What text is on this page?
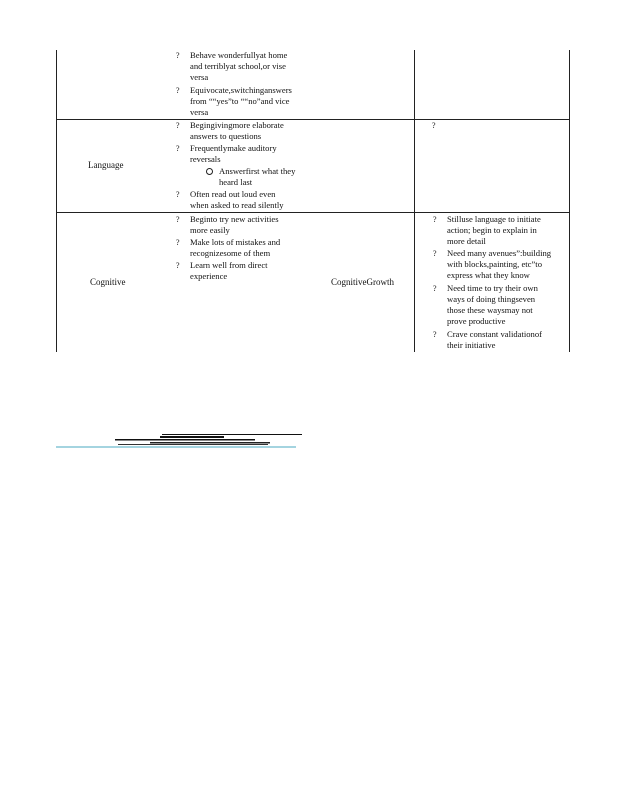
? Behave wonderfullyat home
and terriblyat school,or vise
versa
? Equivocate,switchinganswers
from ““yes”to ““no”and vice
versa
Language
? Begingivingmore elaborate
answers to questions
? Frequentlymake auditory
reversals
Answerfirst what they
heard last
? Often read out loud even
when asked to read silently
?
Cognitive
? Beginto try new activities
more easily
? Make lots of mistakes and
recognizesome of them
? Learn well from direct
experience
CognitiveGrowth
? Stilluse language to initiate
action; begin to explain in
more detail
? Need many avenues”:building
with blocks,painting, etc”to
express what they know
? Need time to try their own
ways of doing thingseven
those these waysmay not
prove productive
? Crave constant validationof
their initiative
